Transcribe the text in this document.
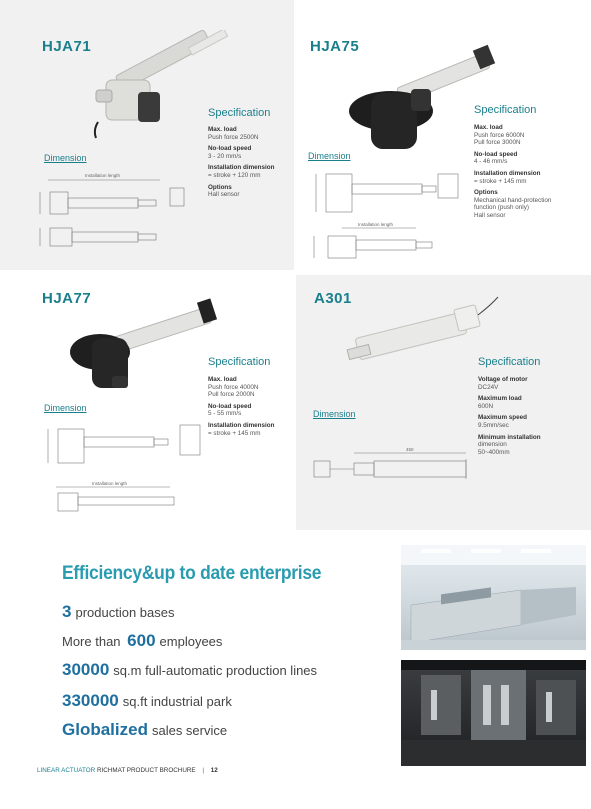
HJA71
Specification
Max. load
Push force 2500N
No-load speed
3 - 20 mm/s
Installation dimension
= stroke + 120 mm
Options
Hall sensor
Dimension
Installation length
HJA75
Specification
Max. load
Push force 6000N
Pull force 3000N
No-load speed
4 - 46 mm/s
Installation dimension
= stroke + 145 mm
Options
Mechanical hand-protection
function (push only)
Hall sensor
Dimension
Installation length
HJA77
Specification
Max. load
Push force 4000N
Pull force 2000N
No-load speed
5 - 55 mm/s
Installation dimension
= stroke + 145 mm
Dimension
Installation length
A301
Specification
Voltage of motor
DC24V
Maximum load
600N
Maximum speed
9.5mm/sec
Minimum installation
dimension
50~400mm
Dimension
450
Efficiency&up to date enterprise
3 production bases
More than 600 employees
30000 sq.m full-automatic production lines
330000 sq.ft industrial park
Globalized sales service
LINEAR ACTUATOR RICHMAT PRODUCT BROCHURE | 12
